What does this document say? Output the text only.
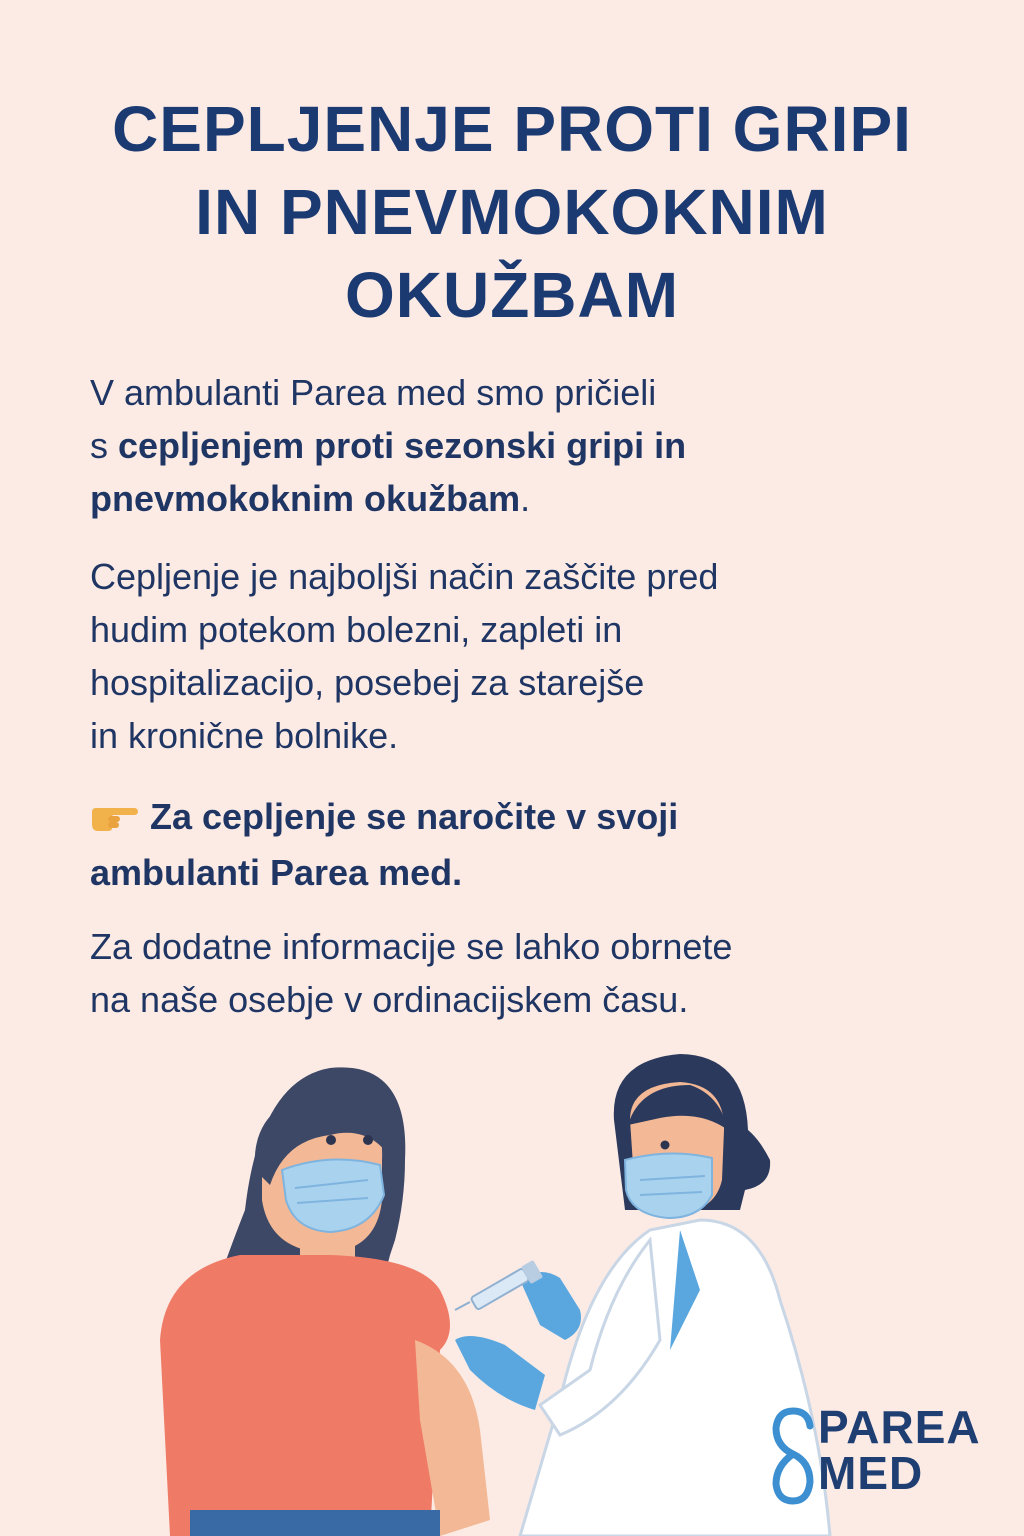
CEPLJENJE PROTI GRIPI
IN PNEVMOKOKNIM
OKUŽBAM
V ambulanti Parea med smo pričieli
s cepljenjem proti sezonski gripi in
pnevmokoknim okužbam.
Cepljenje je najboljši način zaščite pred
hudim potekom bolezni, zapleti in
hospitalizacijo, posebej za starejše
in kronične bolnike.
Za cepljenje se naročite v svoji
ambulanti Parea med.
Za dodatne informacije se lahko obrnete
na naše osebje v ordinacijskem času.
PAREA
MED
